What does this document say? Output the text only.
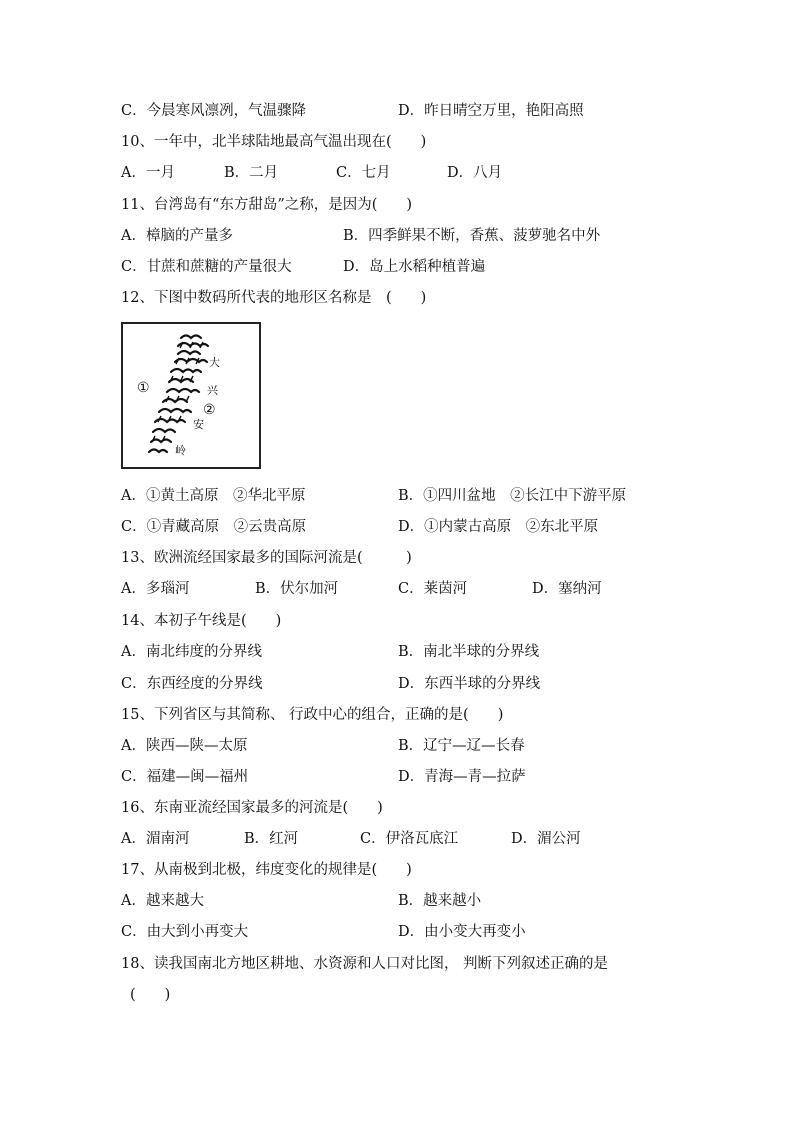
C．今晨寒风凛冽，气温骤降	D．昨日晴空万里，艳阳高照
10、一年中，北半球陆地最高气温出现在(　　)
A．一月	B．二月	C．七月	D．八月
11、台湾岛有“东方甜岛”之称，是因为(　　)
A．樟脑的产量多	B．四季鲜果不断，香蕉、菠萝驰名中外
C．甘蔗和蔗糖的产量很大	D．岛上水稻种植普遍
12、下图中数码所代表的地形区名称是　(　　)
①
②
大
兴
安
岭
A．①黄土高原　②华北平原	B．①四川盆地　②长江中下游平原
C．①青藏高原　②云贵高原	D．①内蒙古高原　②东北平原
13、欧洲流经国家最多的国际河流是(　　　)
A．多瑙河	B．伏尔加河	C．莱茵河	D．塞纳河
14、本初子午线是(　　)
A．南北纬度的分界线	B．南北半球的分界线
C．东西经度的分界线	D．东西半球的分界线
15、下列省区与其简称、 行政中心的组合，正确的是(　　)
A．陕西—陕—太原	B．辽宁—辽—长春
C．福建—闽—福州	D．青海—青—拉萨
16、东南亚流经国家最多的河流是(　　)
A．湄南河	B．红河	C．伊洛瓦底江	D．湄公河
17、从南极到北极，纬度变化的规律是(　　)
A．越来越大	B．越来越小
C．由大到小再变大	D．由小变大再变小
18、读我国南北方地区耕地、水资源和人口对比图， 判断下列叙述正确的是
(　　)
